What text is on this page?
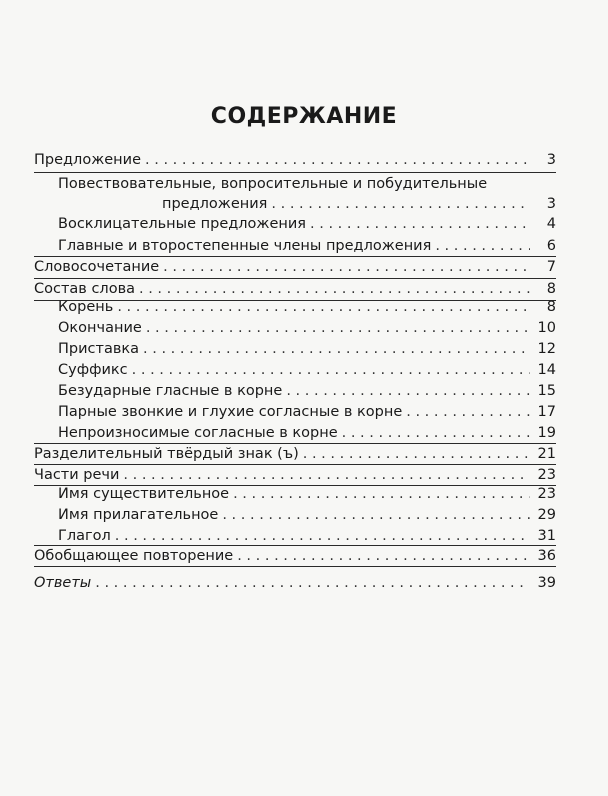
СОДЕРЖАНИЕ
Предложение . . .	3
Повествовательные, вопросительные и побудительные
предложения . . .	3
Восклицательные предложения . . .	4
Главные и второстепенные члены предложения . . .	6
Словосочетание . . .	7
Состав слова . . .	8
Корень . . .	8
Окончание . . .	10
Приставка . . .	12
Суффикс . . .	14
Безударные гласные в корне . . .	15
Парные звонкие и глухие согласные в корне . . .	17
Непроизносимые согласные в корне . . .	19
Разделительный твёрдый знак (ъ) . . .	21
Части речи . . .	23
Имя существительное . . .	23
Имя прилагательное . . .	29
Глагол . . .	31
Обобщающее повторение . . .	36
Ответы . . .	39
